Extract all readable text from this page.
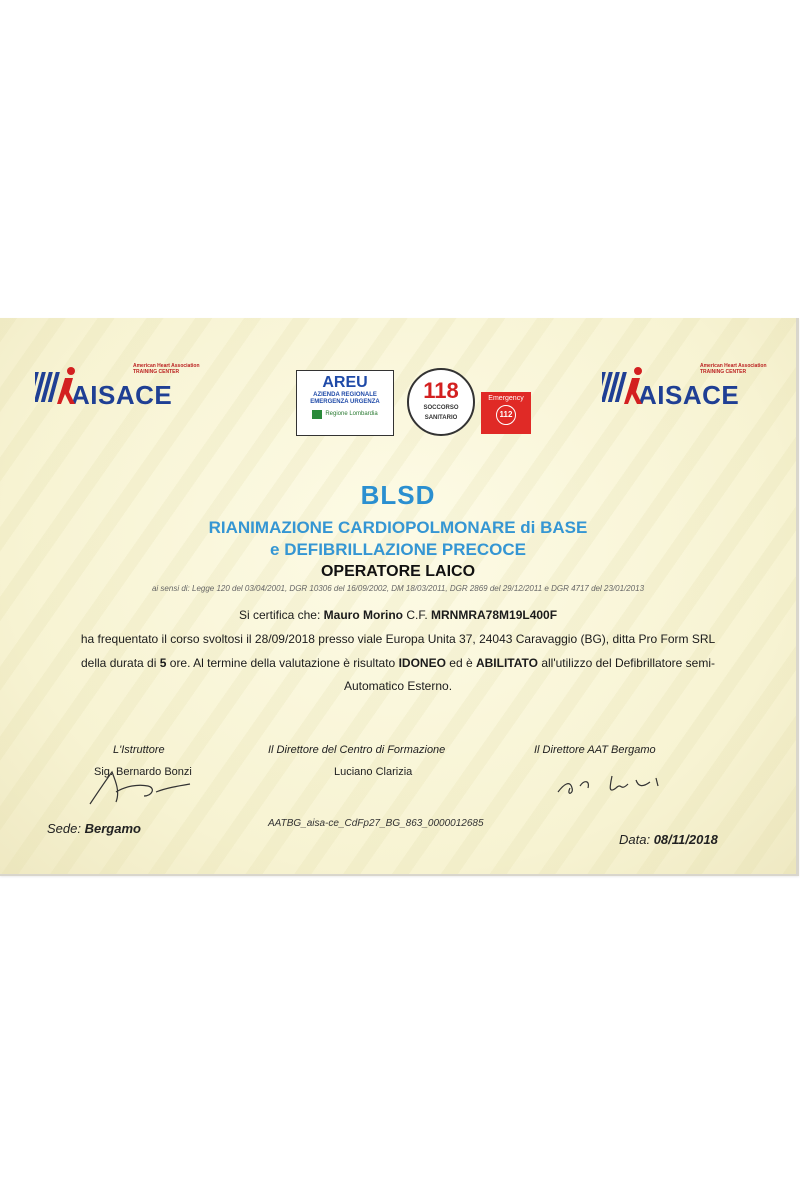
AISACE
American Heart Association TRAINING CENTER
AREU
AZIENDA REGIONALE
EMERGENZA URGENZA
Regione Lombardia
118
SOCCORSO
SANITARIO
Emergency
112
AISACE
American Heart Association TRAINING CENTER
BLSD
RIANIMAZIONE CARDIOPOLMONARE di BASE
e DEFIBRILLAZIONE PRECOCE
OPERATORE LAICO
ai sensi di: Legge 120 del 03/04/2001, DGR 10306 del 16/09/2002, DM 18/03/2011, DGR 2869 del 29/12/2011 e DGR 4717 del 23/01/2013
Si certifica che: Mauro Morino C.F. MRNMRA78M19L400F
ha frequentato il corso svoltosi il 28/09/2018 presso viale Europa Unita 37, 24043 Caravaggio (BG), ditta Pro Form SRL
della durata di 5 ore. Al termine della valutazione è risultato IDONEO ed è ABILITATO all'utilizzo del Defibrillatore semi-
Automatico Esterno.
L'Istruttore
Sig. Bernardo Bonzi
Il Direttore del Centro di Formazione
Luciano Clarizia
Il Direttore AAT Bergamo
Sede: Bergamo	AATBG_aisa-ce_CdFp27_BG_863_0000012685
Data: 08/11/2018
